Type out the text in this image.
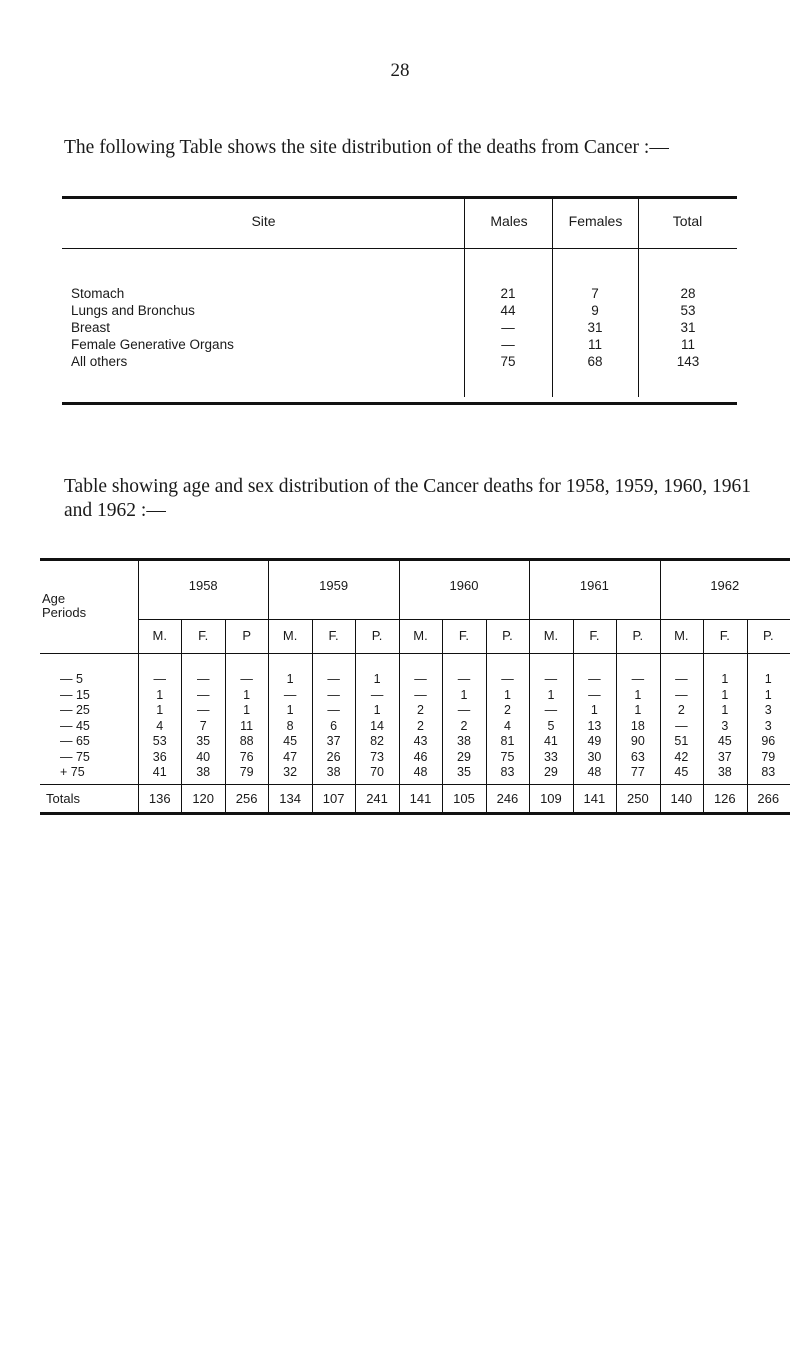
28
The following Table shows the site distribution of the deaths from Cancer :—
Site	Males	Females	Total
Stomach	21	7	28
Lungs and Bronchus	44	9	53
Breast	—	31	31
Female Generative Organs	—	11	11
All others	75	68	143
Table showing age and sex distribution of the Cancer deaths for 1958, 1959, 1960, 1961 and 1962 :—
Age Periods
1958	1959	1960	1961	1962
M.	F.	P	M.	F.	P.	M.	F.	P.	M.	F.	P.	M.	F.	P.
— 5	—	—	—	1	—	1	—	—	—	—	—	—	—	1	1
— 15	1	—	1	—	—	—	—	1	1	1	—	1	—	1	1
— 25	1	—	1	1	—	1	2	—	2	—	1	1	2	1	3
— 45	4	7	11	8	6	14	2	2	4	5	13	18	—	3	3
— 65	53	35	88	45	37	82	43	38	81	41	49	90	51	45	96
— 75	36	40	76	47	26	73	46	29	75	33	30	63	42	37	79
+ 75	41	38	79	32	38	70	48	35	83	29	48	77	45	38	83
Totals	136	120	256	134	107	241	141	105	246	109	141	250	140	126	266
